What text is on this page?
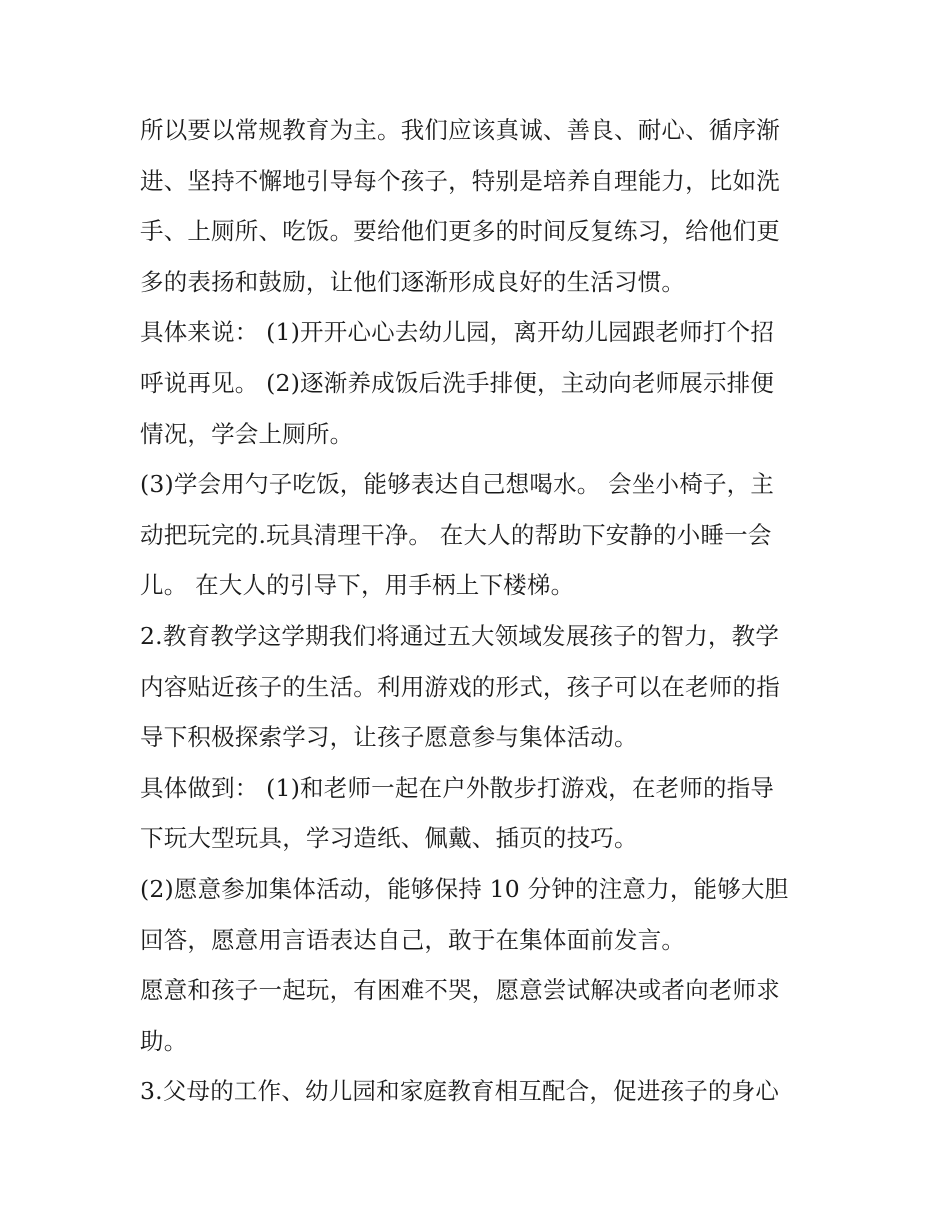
所以要以常规教育为主。我们应该真诚、善良、耐心、循序渐
进、坚持不懈地引导每个孩子，特别是培养自理能力，比如洗
手、上厕所、吃饭。要给他们更多的时间反复练习，给他们更
多的表扬和鼓励，让他们逐渐形成良好的生活习惯。
具体来说： (1)开开心心去幼儿园，离开幼儿园跟老师打个招
呼说再见。 (2)逐渐养成饭后洗手排便，主动向老师展示排便
情况，学会上厕所。
(3)学会用勺子吃饭，能够表达自己想喝水。 会坐小椅子，主
动把玩完的.玩具清理干净。 在大人的帮助下安静的小睡一会
儿。 在大人的引导下，用手柄上下楼梯。
2.教育教学这学期我们将通过五大领域发展孩子的智力，教学
内容贴近孩子的生活。利用游戏的形式，孩子可以在老师的指
导下积极探索学习，让孩子愿意参与集体活动。
具体做到： (1)和老师一起在户外散步打游戏，在老师的指导
下玩大型玩具，学习造纸、佩戴、插页的技巧。
(2)愿意参加集体活动，能够保持 10 分钟的注意力，能够大胆
回答，愿意用言语表达自己，敢于在集体面前发言。
愿意和孩子一起玩，有困难不哭，愿意尝试解决或者向老师求
助。
3.父母的工作、幼儿园和家庭教育相互配合，促进孩子的身心
